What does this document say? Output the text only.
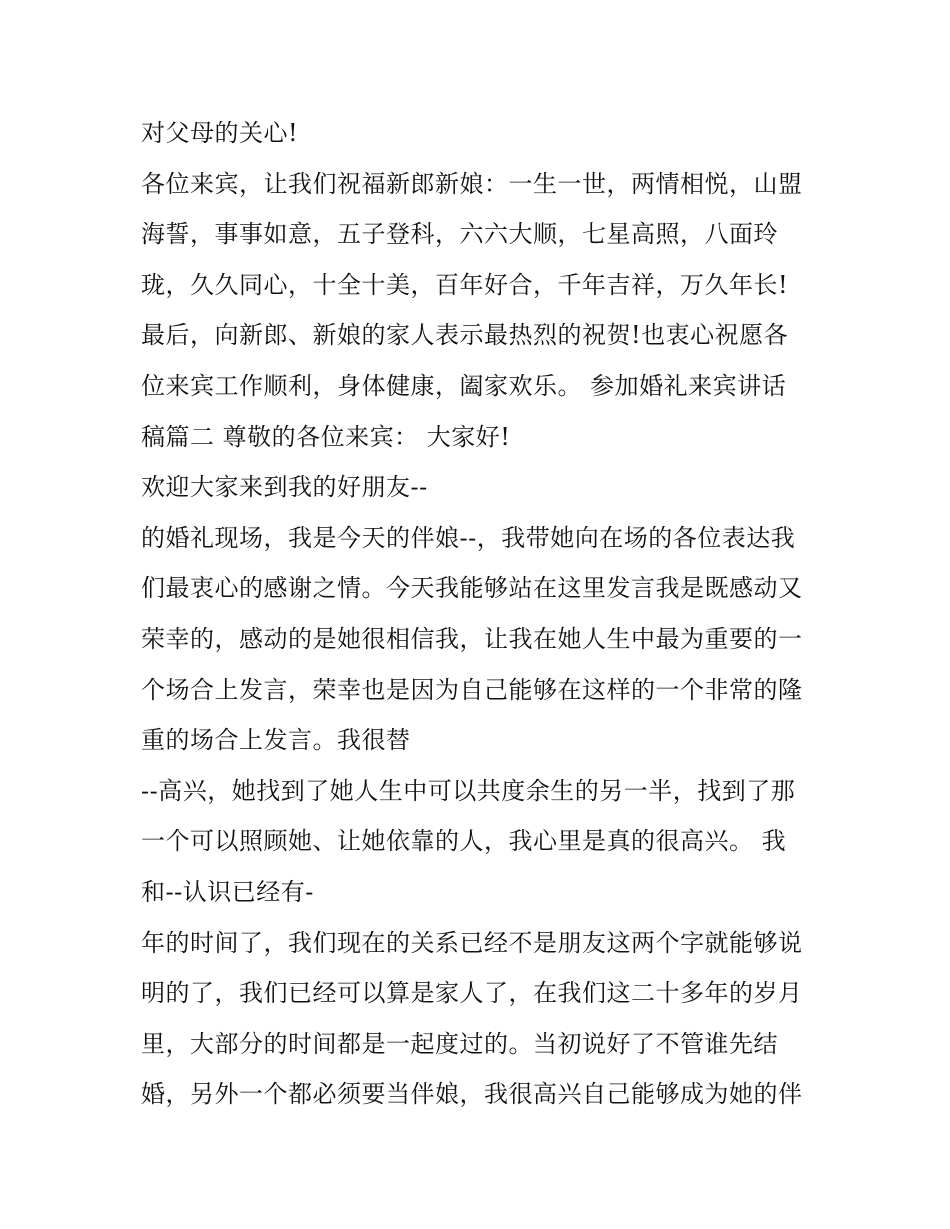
对父母的关心!
各位来宾，让我们祝福新郎新娘：一生一世，两情相悦，山盟
海誓，事事如意，五子登科，六六大顺，七星高照，八面玲
珑，久久同心，十全十美，百年好合，千年吉祥，万久年长!
最后，向新郎、新娘的家人表示最热烈的祝贺!也衷心祝愿各
位来宾工作顺利，身体健康，阖家欢乐。 参加婚礼来宾讲话
稿篇二 尊敬的各位来宾： 大家好!
欢迎大家来到我的好朋友--
的婚礼现场，我是今天的伴娘--，我带她向在场的各位表达我
们最衷心的感谢之情。今天我能够站在这里发言我是既感动又
荣幸的，感动的是她很相信我，让我在她人生中最为重要的一
个场合上发言，荣幸也是因为自己能够在这样的一个非常的隆
重的场合上发言。我很替
--高兴，她找到了她人生中可以共度余生的另一半，找到了那
一个可以照顾她、让她依靠的人，我心里是真的很高兴。 我
和--认识已经有-
年的时间了，我们现在的关系已经不是朋友这两个字就能够说
明的了，我们已经可以算是家人了，在我们这二十多年的岁月
里，大部分的时间都是一起度过的。当初说好了不管谁先结
婚，另外一个都必须要当伴娘，我很高兴自己能够成为她的伴
